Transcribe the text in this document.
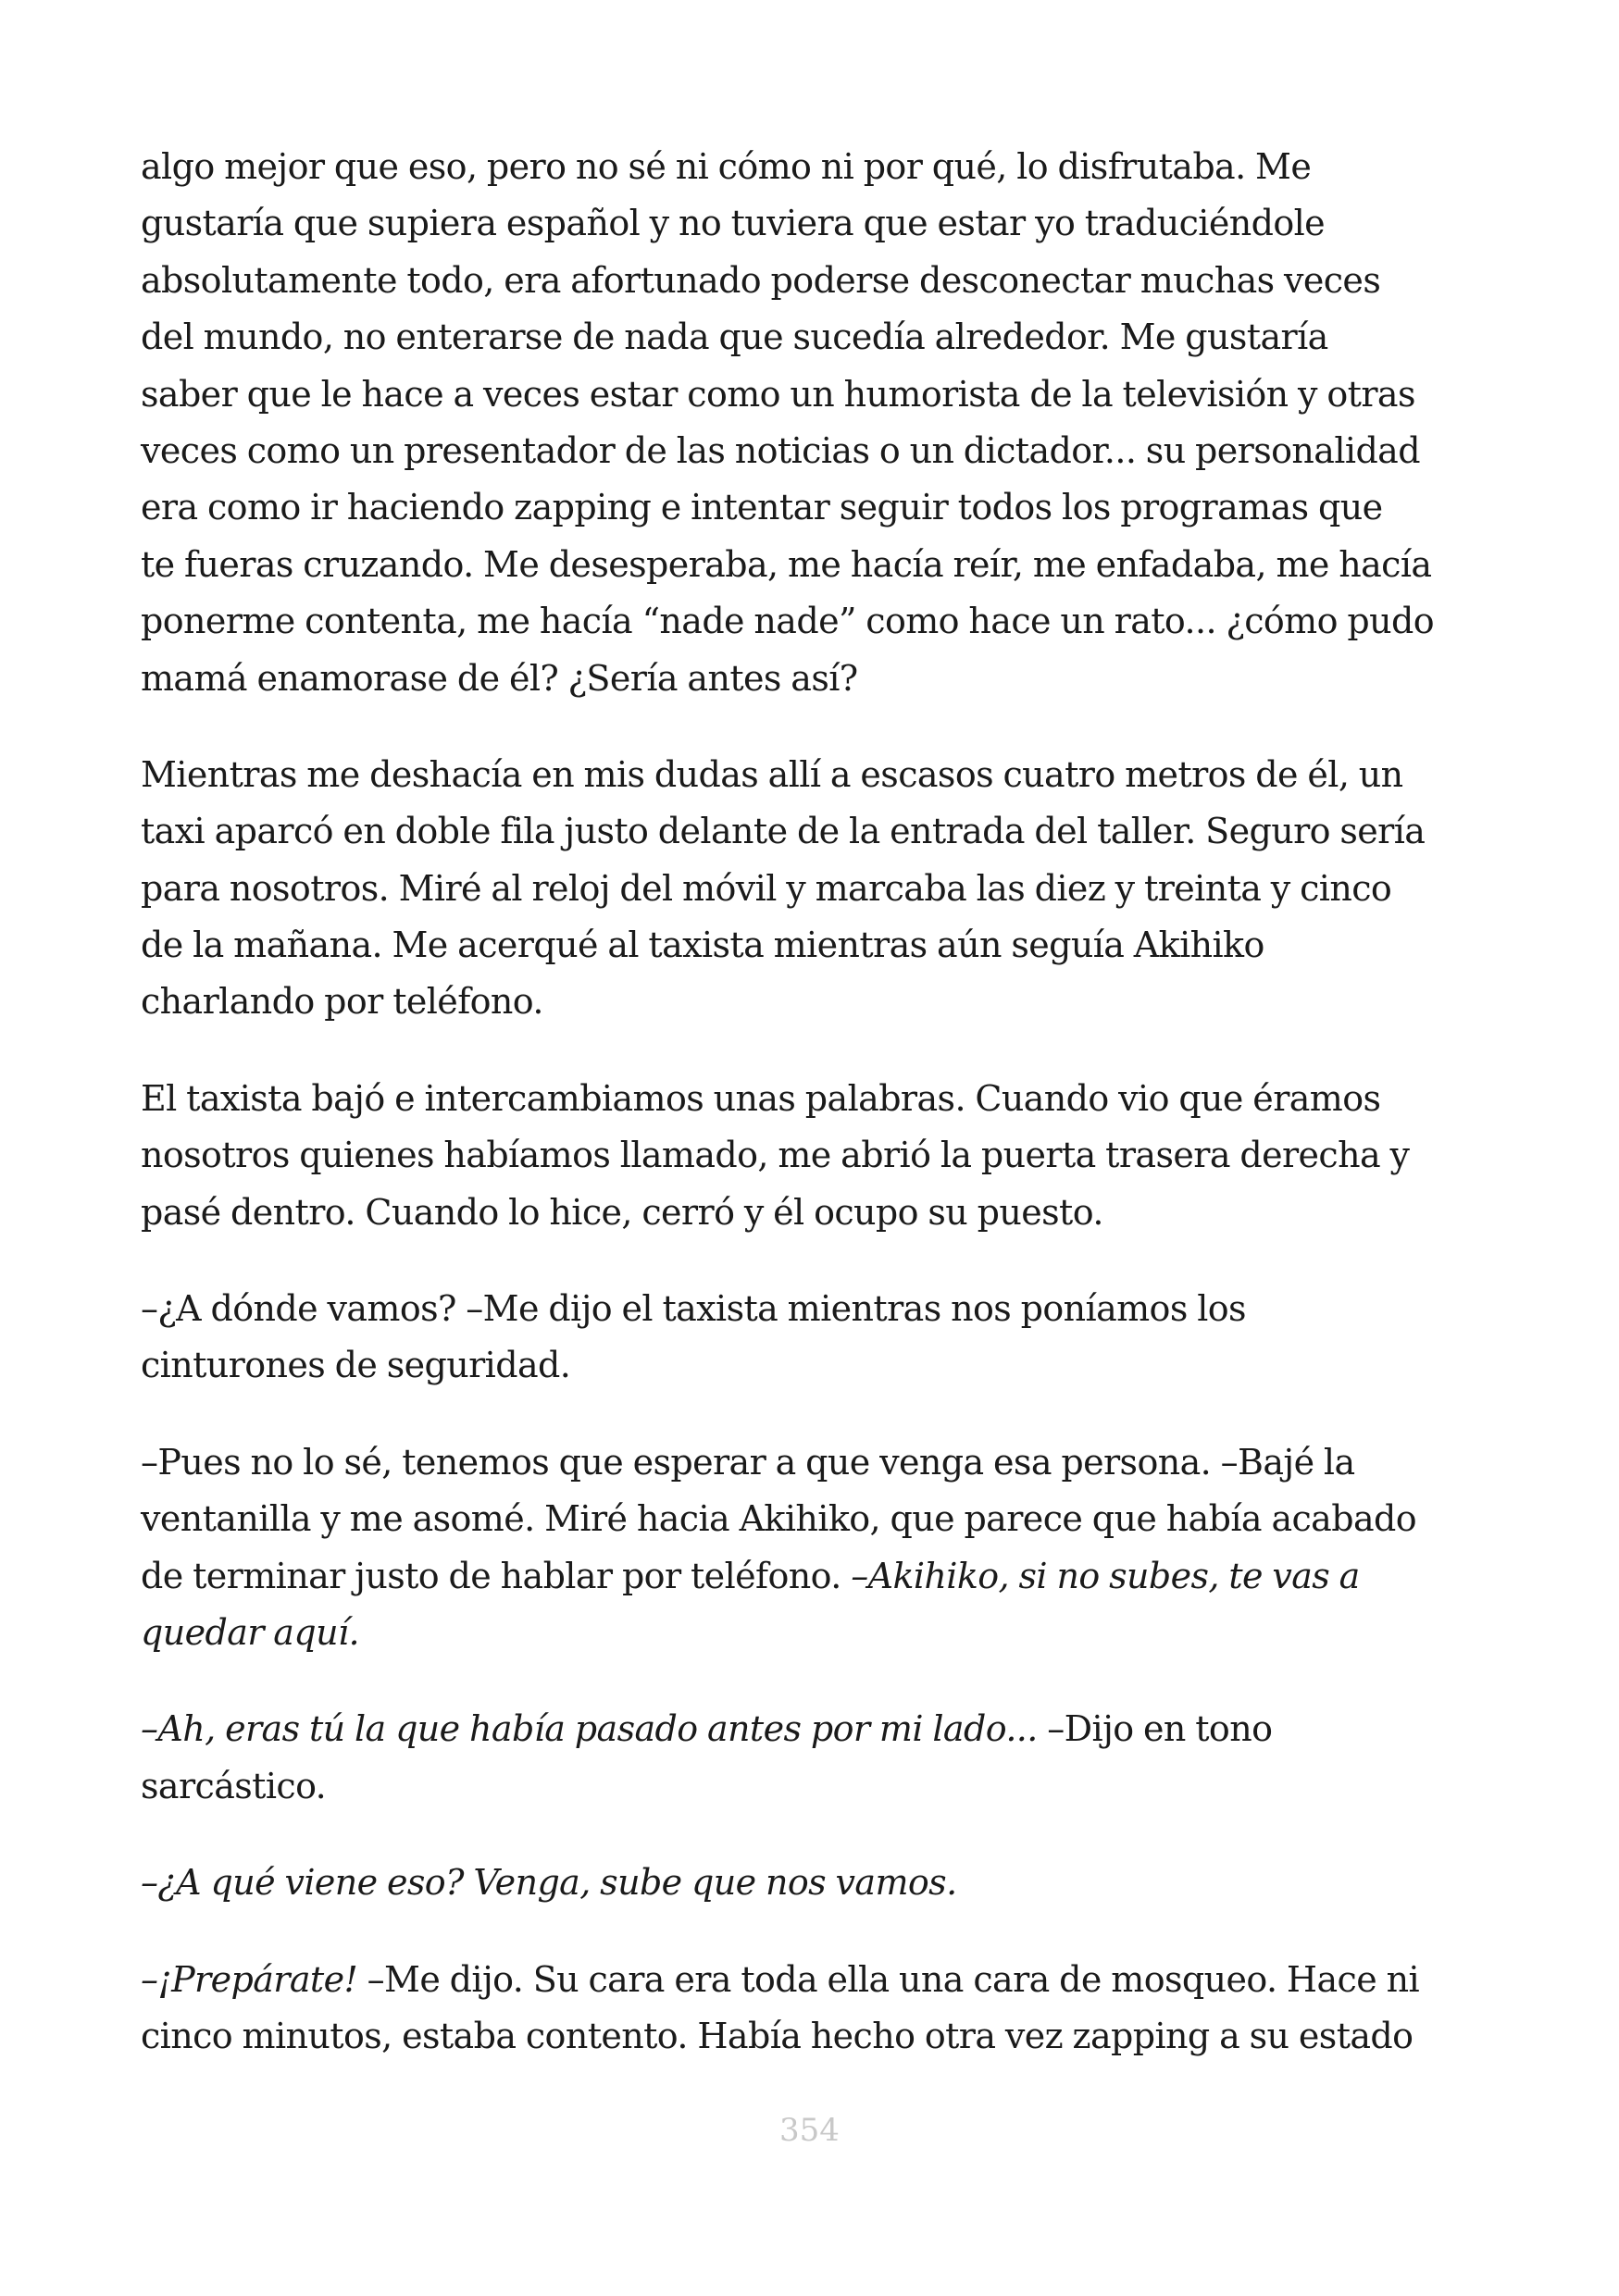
algo mejor que eso, pero no sé ni cómo ni por qué, lo disfrutaba. Me
gustaría que supiera español y no tuviera que estar yo traduciéndole
absolutamente todo, era afortunado poderse desconectar muchas veces
del mundo, no enterarse de nada que sucedía alrededor. Me gustaría
saber que le hace a veces estar como un humorista de la televisión y otras
veces como un presentador de las noticias o un dictador... su personalidad
era como ir haciendo zapping e intentar seguir todos los programas que
te fueras cruzando. Me desesperaba, me hacía reír, me enfadaba, me hacía
ponerme contenta, me hacía “nade nade” como hace un rato... ¿cómo pudo
mamá enamorase de él? ¿Sería antes así?
Mientras me deshacía en mis dudas allí a escasos cuatro metros de él, un
taxi aparcó en doble fila justo delante de la entrada del taller. Seguro sería
para nosotros. Miré al reloj del móvil y marcaba las diez y treinta y cinco
de la mañana. Me acerqué al taxista mientras aún seguía Akihiko
charlando por teléfono.
El taxista bajó e intercambiamos unas palabras. Cuando vio que éramos
nosotros quienes habíamos llamado, me abrió la puerta trasera derecha y
pasé dentro. Cuando lo hice, cerró y él ocupo su puesto.
–¿A dónde vamos? –Me dijo el taxista mientras nos poníamos los
cinturones de seguridad.
–Pues no lo sé, tenemos que esperar a que venga esa persona. –Bajé la
ventanilla y me asomé. Miré hacia Akihiko, que parece que había acabado
de terminar justo de hablar por teléfono. –Akihiko, si no subes, te vas a
quedar aquí.
–Ah, eras tú la que había pasado antes por mi lado... –Dijo en tono
sarcástico.
–¿A qué viene eso? Venga, sube que nos vamos.
–¡Prepárate! –Me dijo. Su cara era toda ella una cara de mosqueo. Hace ni
cinco minutos, estaba contento. Había hecho otra vez zapping a su estado
354
